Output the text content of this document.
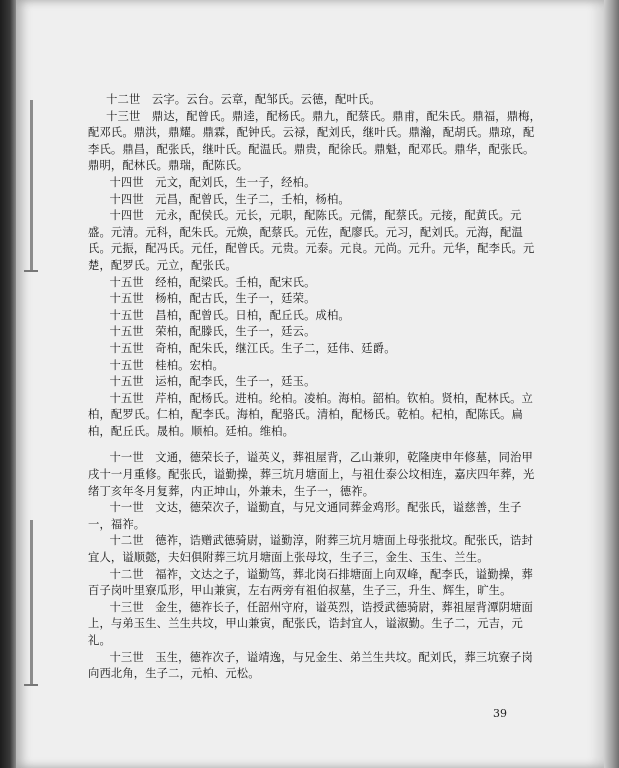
十二世　云字。云台。云章，配邹氏。云德，配叶氏。

十三世　鼎达，配曾氏。鼎逵，配杨氏。鼎九，配蔡氏。鼎甫，配朱氏。鼎福，鼎梅，配邓氏。鼎洪，鼎耀。鼎霖，配钟氏。云禄，配刘氏，继叶氏。鼎瀚，配胡氏。鼎琼，配李氏。鼎昌，配张氏，继叶氏。配温氏。鼎贵，配徐氏。鼎魁，配邓氏。鼎华，配张氏。鼎明，配林氏。鼎瑞，配陈氏。

十四世　元文，配刘氏，生一子，经柏。

十四世　元昌，配曾氏，生子二，壬柏，杨柏。

十四世　元永，配侯氏。元长，元职，配陈氏。元儒，配蔡氏。元接，配黄氏。元盛。元清。元科，配朱氏。元焕，配蔡氏。元佐，配廖氏。元习，配刘氏。元海，配温氏。元振，配冯氏。元任，配曾氏。元贵。元泰。元良。元尚。元升。元华，配李氏。元楚，配罗氏。元立，配张氏。

十五世　经柏，配梁氏。壬柏，配宋氏。

十五世　杨柏，配古氏，生子一，廷荣。

十五世　昌柏，配曾氏。日柏，配丘氏。成柏。

十五世　荣柏，配滕氏，生子一，廷云。

十五世　奇柏，配朱氏，继江氏。生子二，廷伟、廷爵。

十五世　桂柏。宏柏。

十五世　运柏，配李氏，生子一，廷玉。

十五世　芹柏，配杨氏。进柏。纶柏。凌柏。海柏。韶柏。钦柏。贤柏，配林氏。立柏，配罗氏。仁柏，配李氏。海柏，配骆氏。清柏，配杨氏。乾柏。杞柏，配陈氏。扁柏，配丘氏。晟柏。顺柏。廷柏。维柏。

十一世　文通，德荣长子，谥英义，葬祖屋背，乙山兼卯，乾隆庚申年修墓，同治甲戌十一月重修。配张氏，谥勤操，葬三坑月塘面上，与祖仕泰公坟相连，嘉庆四年葬，光绪丁亥年冬月复葬，内正坤山，外兼未，生子一，德祚。

十一世　文达，德荣次子，谥勤直，与兄文通同葬金鸡形。配张氏，谥慈善，生子一，福祚。

十二世　德祚，诰赠武德骑尉，谥勤淳，附葬三坑月塘面上母张批坟。配张氏，诰封宜人，谥顺懿，夫妇俱附葬三坑月塘面上张母坟，生子三，金生、玉生、兰生。

十二世　福祚，文达之子，谥勤笃，葬北岗石排塘面上向双峰，配李氏，谥勤操，葬百子岗叶里寮瓜形，甲山兼寅，左右两旁有祖伯叔墓，生子三，升生、辉生，旷生。

十三世　金生，德祚长子，任韶州守府，谥英烈，诰授武德骑尉，葬祖屋背潭阴塘面上，与弟玉生、兰生共坟，甲山兼寅，配张氏，诰封宜人，谥淑勤。生子二，元吉，元礼。

十三世　玉生，德祚次子，谥靖逸，与兄金生、弟兰生共坟。配刘氏，葬三坑寮子岗向西北角，生子二，元柏、元松。

39
